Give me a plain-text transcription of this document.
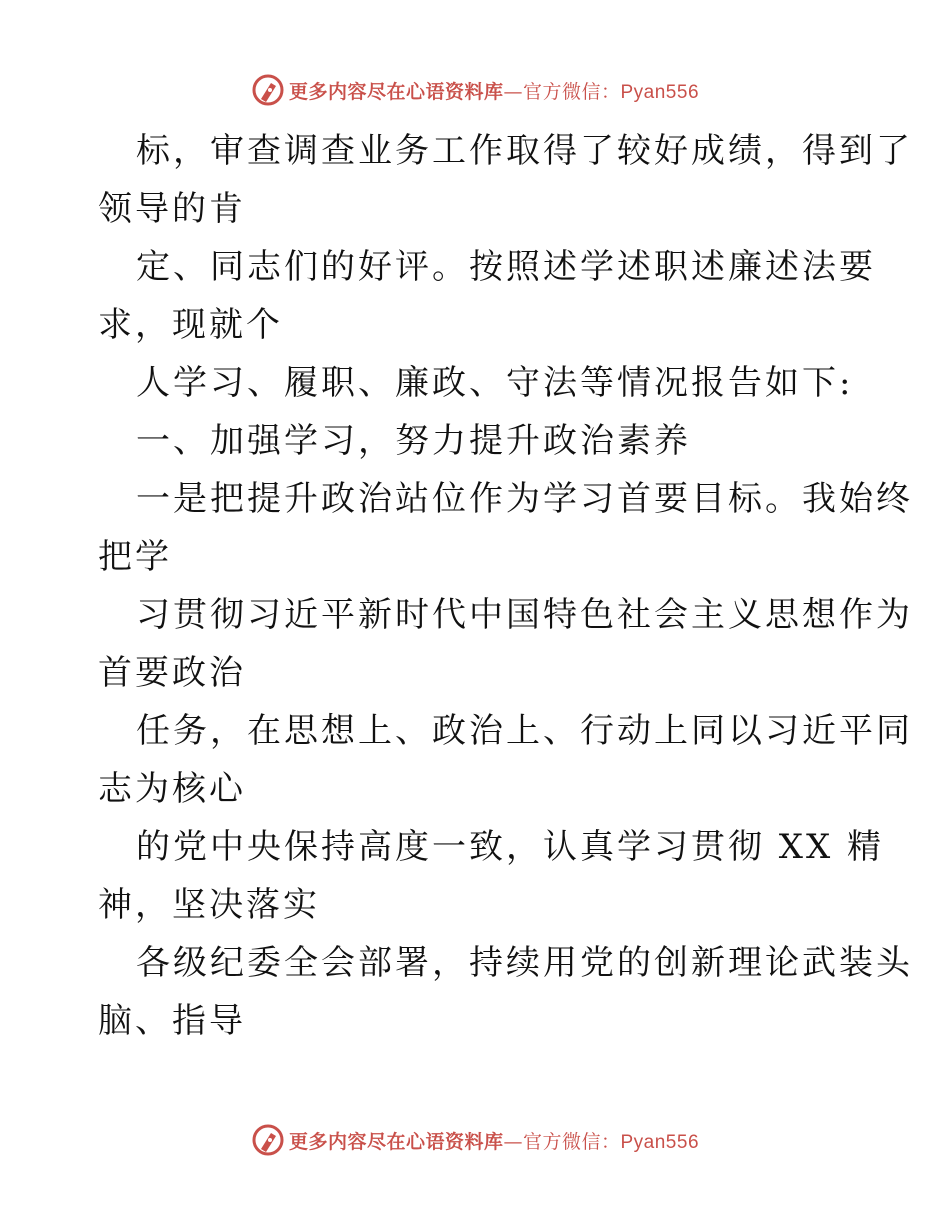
更多内容尽在心语资料库—官方微信：Pyan556
标，审查调查业务工作取得了较好成绩，得到了
领导的肯
定、同志们的好评。按照述学述职述廉述法要
求，现就个
人学习、履职、廉政、守法等情况报告如下:
一、加强学习，努力提升政治素养
一是把提升政治站位作为学习首要目标。我始终
把学
习贯彻习近平新时代中国特色社会主义思想作为
首要政治
任务，在思想上、政治上、行动上同以习近平同
志为核心
的党中央保持高度一致，认真学习贯彻 XX 精
神，坚决落实
各级纪委全会部署，持续用党的创新理论武装头
脑、指导
更多内容尽在心语资料库—官方微信：Pyan556
